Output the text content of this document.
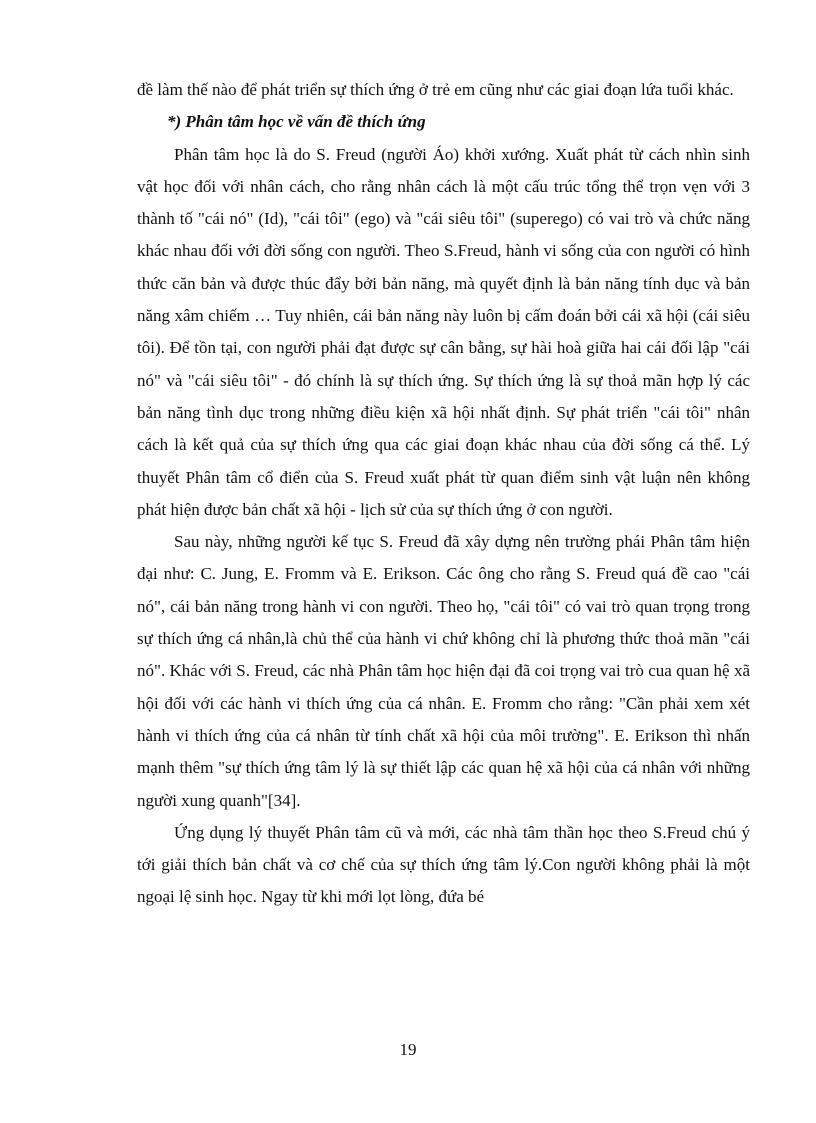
đề làm thế nào để phát triển sự thích ứng ở trẻ em cũng như các giai đoạn lứa tuổi khác.

*) Phân tâm học về vấn đề thích ứng

Phân tâm học là do S. Freud (người Áo) khởi xướng. Xuất phát từ cách nhìn sinh vật học đối với nhân cách, cho rằng nhân cách là một cấu trúc tổng thể trọn vẹn với 3 thành tố "cái nó" (Id), "cái tôi" (ego) và "cái siêu tôi" (superego) có vai trò và chức năng khác nhau đối với đời sống con người. Theo S.Freud, hành vi sống của con người có hình thức căn bản và được thúc đẩy bởi bản năng, mà quyết định là bản năng tính dục và bản năng xâm chiếm … Tuy nhiên, cái bản năng này luôn bị cấm đoán bởi cái xã hội (cái siêu tôi). Để tồn tại, con người phải đạt được sự cân bằng, sự hài hoà giữa hai cái đối lập "cái nó" và "cái siêu tôi" - đó chính là sự thích ứng. Sự thích ứng là sự thoả mãn hợp lý các bản năng tình dục trong những điều kiện xã hội nhất định. Sự phát triển "cái tôi" nhân cách là kết quả của sự thích ứng qua các giai đoạn khác nhau của đời sống cá thể. Lý thuyết Phân tâm cổ điển của S. Freud xuất phát từ quan điểm sinh vật luận nên không phát hiện được bản chất xã hội - lịch sử của sự thích ứng ở con người.

Sau này, những người kế tục S. Freud đã xây dựng nên trường phái Phân tâm hiện đại như: C. Jung, E. Fromm và E. Erikson. Các ông cho rằng S. Freud quá đề cao "cái nó", cái bản năng trong hành vi con người. Theo họ, "cái tôi" có vai trò quan trọng trong sự thích ứng cá nhân,là chủ thể của hành vi chứ không chỉ là phương thức thoả mãn "cái nó". Khác với S. Freud, các nhà Phân tâm học hiện đại đã coi trọng vai trò cua quan hệ xã hội đối với các hành vi thích ứng của cá nhân. E. Fromm cho rằng: "Cần phải xem xét hành vi thích ứng của cá nhân từ tính chất xã hội của môi trường". E. Erikson thì nhấn mạnh thêm "sự thích ứng tâm lý là sự thiết lập các quan hệ xã hội của cá nhân với những người xung quanh"[34].

Ứng dụng lý thuyết Phân tâm cũ và mới, các nhà tâm thần học theo S.Freud chú ý tới giải thích bản chất và cơ chế của sự thích ứng tâm lý.Con người không phải là một ngoại lệ sinh học. Ngay từ khi mới lọt lòng, đứa bé

19
